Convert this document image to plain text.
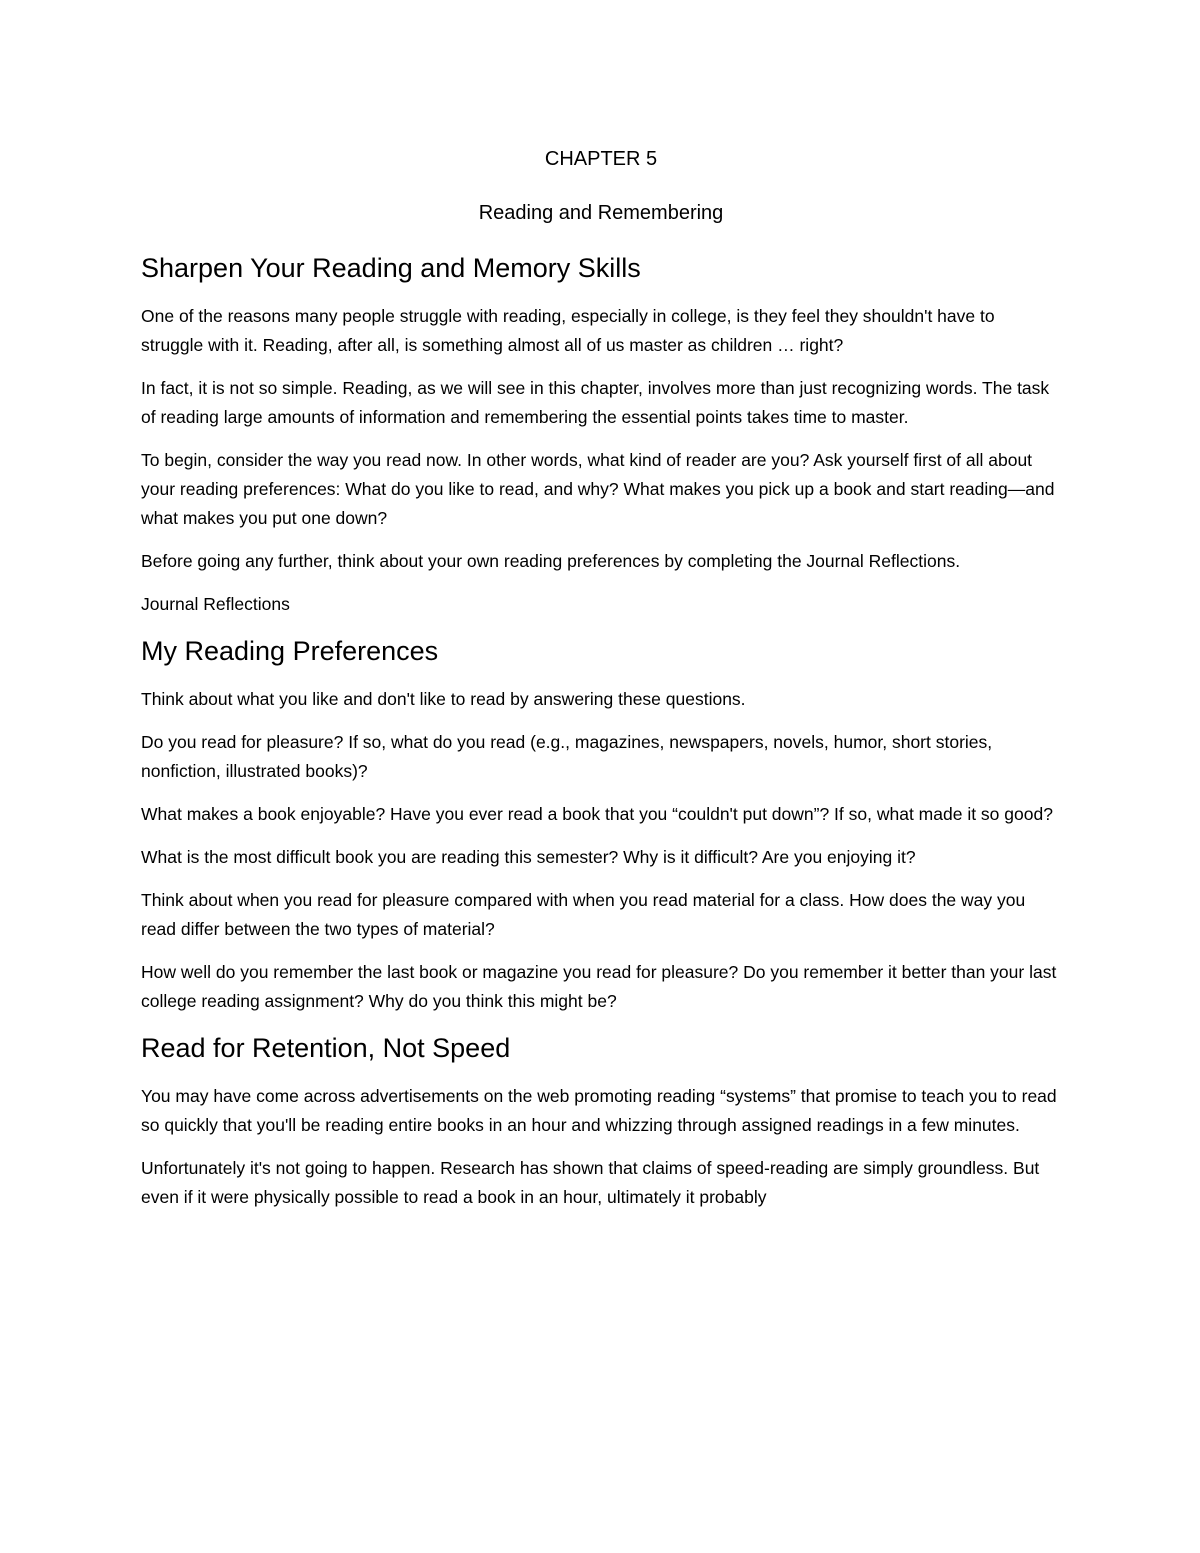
CHAPTER 5
Reading and Remembering
Sharpen Your Reading and Memory Skills

One of the reasons many people struggle with reading, especially in college, is they feel they shouldn't have to struggle with it. Reading, after all, is something almost all of us master as children … right?

In fact, it is not so simple. Reading, as we will see in this chapter, involves more than just recognizing words. The task of reading large amounts of information and remembering the essential points takes time to master.

To begin, consider the way you read now. In other words, what kind of reader are you? Ask yourself first of all about your reading preferences: What do you like to read, and why? What makes you pick up a book and start reading—and what makes you put one down?

Before going any further, think about your own reading preferences by completing the Journal Reflections.

Journal Reflections

My Reading Preferences

Think about what you like and don't like to read by answering these questions.

Do you read for pleasure? If so, what do you read (e.g., magazines, newspapers, novels, humor, short stories, nonfiction, illustrated books)?

What makes a book enjoyable? Have you ever read a book that you “couldn't put down”? If so, what made it so good?

What is the most difficult book you are reading this semester? Why is it difficult? Are you enjoying it?

Think about when you read for pleasure compared with when you read material for a class. How does the way you read differ between the two types of material?

How well do you remember the last book or magazine you read for pleasure? Do you remember it better than your last college reading assignment? Why do you think this might be?

Read for Retention, Not Speed

You may have come across advertisements on the web promoting reading “systems” that promise to teach you to read so quickly that you'll be reading entire books in an hour and whizzing through assigned readings in a few minutes.

Unfortunately it's not going to happen. Research has shown that claims of speed-reading are simply groundless. But even if it were physically possible to read a book in an hour, ultimately it probably
